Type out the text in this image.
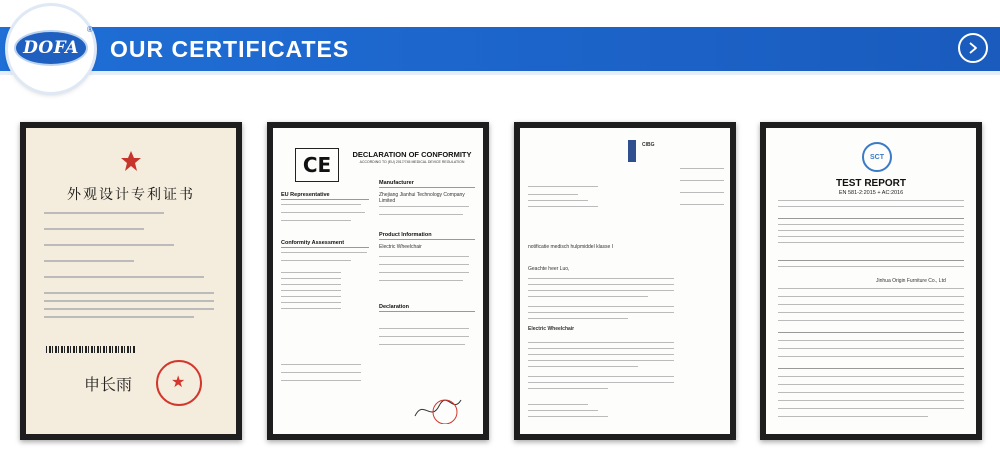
DOFA
®
OUR CERTIFICATES
外观设计专利证书
申长雨
★
CE	DECLARATION OF CONFORMITY
ACCORDING TO (EU) 2017/745 MEDICAL DEVICE REGULATION
EU Representative
Manufacturer
Zhejiang Jianhui Technology Company Limited
Conformity Assessment
Product Information
Electric Wheelchair
Declaration
CIBG
notificatie medisch hulpmiddel klasse I
Geachte heer Luo,
Electric Wheelchair
SCT
TEST REPORT
EN 581-2:2015 + AC:2016
Jinhua Origin Furniture Co., Ltd
